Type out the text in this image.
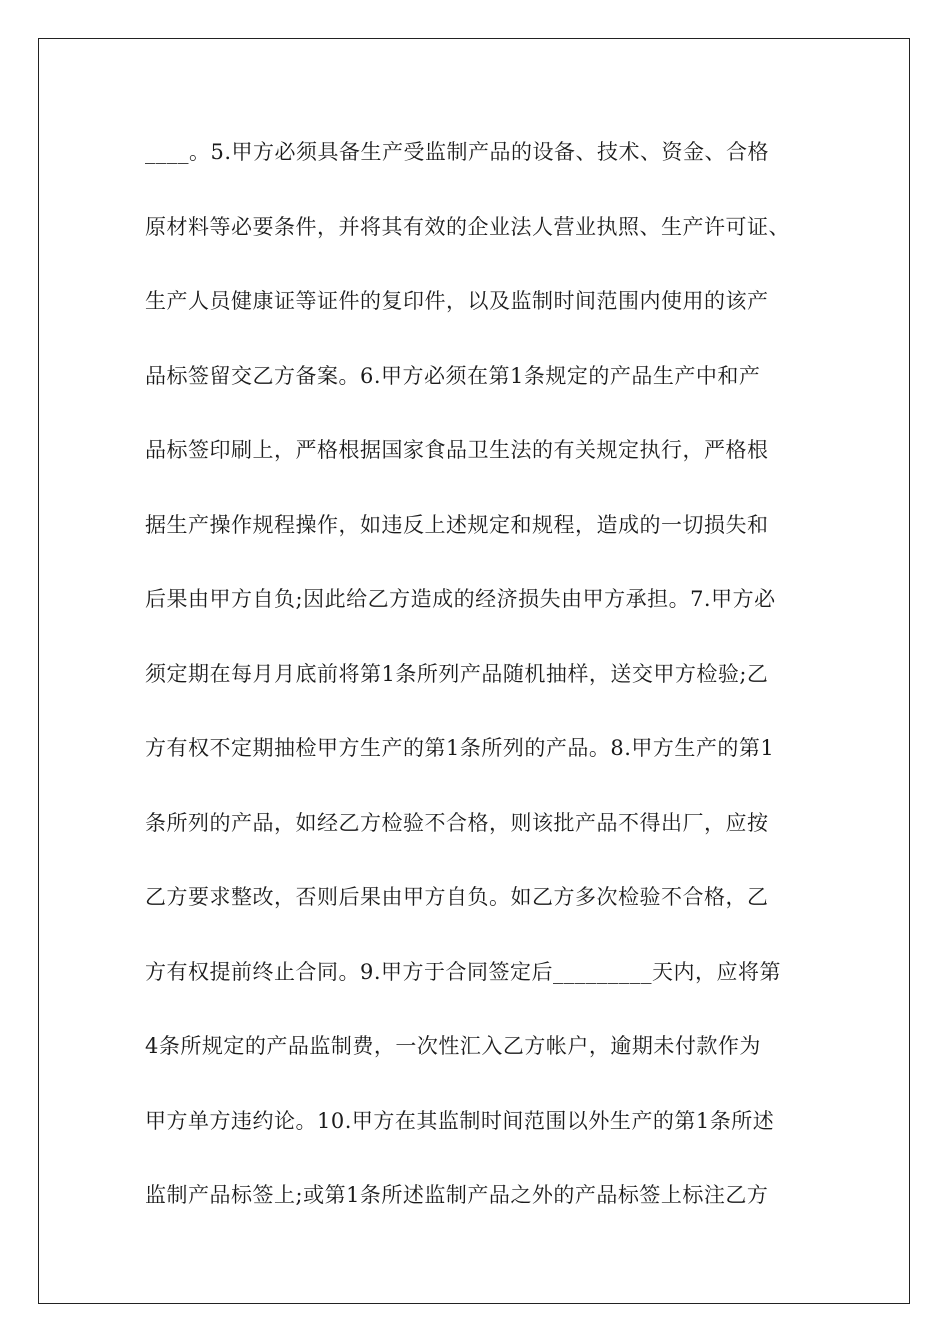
____。5.甲方必须具备生产受监制产品的设备、技术、资金、合格
原材料等必要条件，并将其有效的企业法人营业执照、生产许可证、
生产人员健康证等证件的复印件，以及监制时间范围内使用的该产
品标签留交乙方备案。6.甲方必须在第1条规定的产品生产中和产
品标签印刷上，严格根据国家食品卫生法的有关规定执行，严格根
据生产操作规程操作，如违反上述规定和规程，造成的一切损失和
后果由甲方自负;因此给乙方造成的经济损失由甲方承担。7.甲方必
须定期在每月月底前将第1条所列产品随机抽样，送交甲方检验;乙
方有权不定期抽检甲方生产的第1条所列的产品。8.甲方生产的第1
条所列的产品，如经乙方检验不合格，则该批产品不得出厂，应按
乙方要求整改，否则后果由甲方自负。如乙方多次检验不合格，乙
方有权提前终止合同。9.甲方于合同签定后_________天内，应将第
4条所规定的产品监制费，一次性汇入乙方帐户，逾期未付款作为
甲方单方违约论。10.甲方在其监制时间范围以外生产的第1条所述
监制产品标签上;或第1条所述监制产品之外的产品标签上标注乙方
